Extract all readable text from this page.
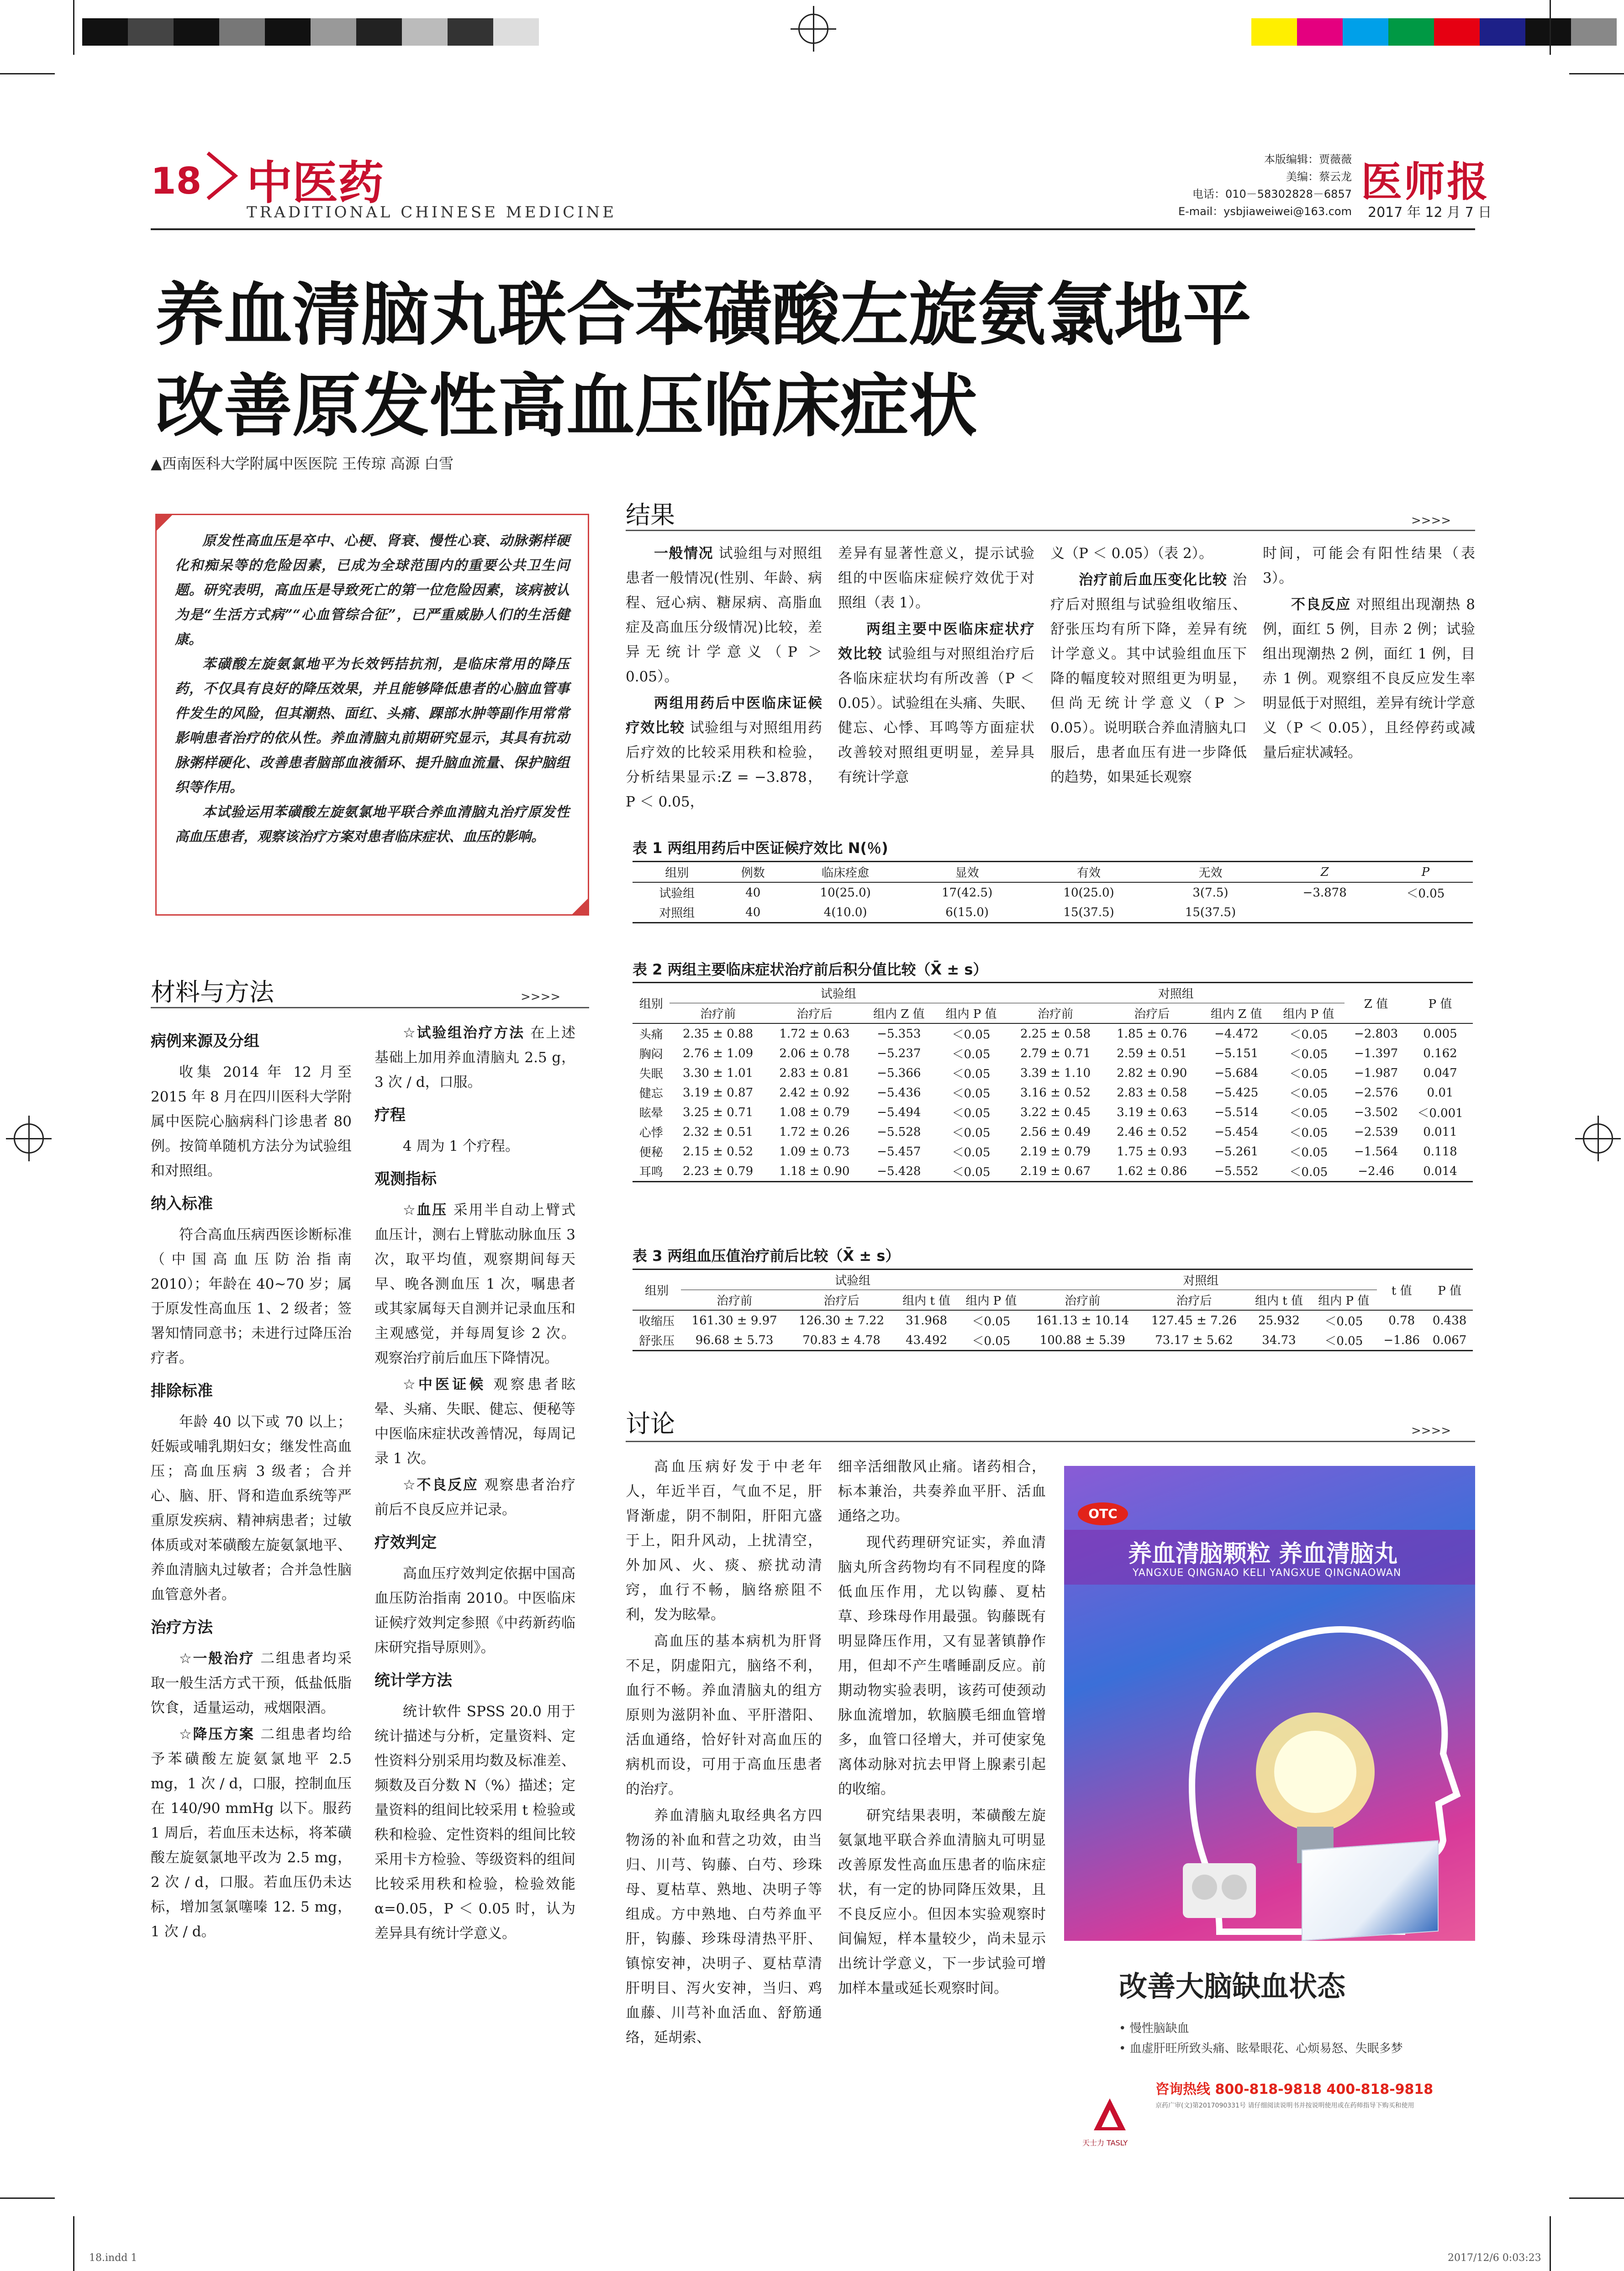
18 中医药
TRADITIONAL CHINESE MEDICINE
本版编辑：贾薇薇
美编：蔡云龙
电话：010－58302828－6857
E-mail：ysbjiaweiwei@163.com
医师报
2017 年 12 月 7 日
养血清脑丸联合苯磺酸左旋氨氯地平
改善原发性高血压临床症状
▲西南医科大学附属中医医院 王传琼 高源 白雪

原发性高血压是卒中、心梗、肾衰、慢性心衰、动脉粥样硬化和痴呆等的危险因素，已成为全球范围内的重要公共卫生问题。研究表明，高血压是导致死亡的第一位危险因素，该病被认为是“生活方式病”“心血管综合征”，已严重威胁人们的生活健康。

苯磺酸左旋氨氯地平为长效钙拮抗剂，是临床常用的降压药，不仅具有良好的降压效果，并且能够降低患者的心脑血管事件发生的风险，但其潮热、面红、头痛、踝部水肿等副作用常常影响患者治疗的依从性。养血清脑丸前期研究显示，其具有抗动脉粥样硬化、改善患者脑部血液循环、提升脑血流量、保护脑组织等作用。

本试验运用苯磺酸左旋氨氯地平联合养血清脑丸治疗原发性高血压患者，观察该治疗方案对患者临床症状、血压的影响。

结果	>>>>

一般情况 试验组与对照组患者一般情况(性别、年龄、病程、冠心病、糖尿病、高脂血症及高血压分级情况)比较，差异无统计学意义（P ＞ 0.05）。

两组用药后中医临床证候疗效比较 试验组与对照组用药后疗效的比较采用秩和检验，分析结果显示:Z = −3.878，P ＜ 0.05，

差异有显著性意义，提示试验组的中医临床症候疗效优于对照组（表 1）。

两组主要中医临床症状疗效比较 试验组与对照组治疗后各临床症状均有所改善（P ＜ 0.05）。试验组在头痛、失眠、健忘、心悸、耳鸣等方面症状改善较对照组更明显，差异具有统计学意

义（P ＜ 0.05）（表 2）。

治疗前后血压变化比较 治疗后对照组与试验组收缩压、舒张压均有所下降，差异有统计学意义。其中试验组血压下降的幅度较对照组更为明显，但尚无统计学意义（P ＞ 0.05）。说明联合养血清脑丸口服后，患者血压有进一步降低的趋势，如果延长观察

时间，可能会有阳性结果（表 3）。

不良反应 对照组出现潮热 8 例，面红 5 例，目赤 2 例；试验组出现潮热 2 例，面红 1 例，目赤 1 例。观察组不良反应发生率明显低于对照组，差异有统计学意义（P ＜ 0.05），且经停药或减量后症状减轻。

表 1 两组用药后中医证候疗效比 N(％)
组别	例数	临床痊愈	显效	有效	无效	Z	P
试验组	40	10(25.0)	17(42.5)	10(25.0)	3(7.5)	−3.878	＜0.05
对照组	40	4(10.0)	6(15.0)	15(37.5)	15(37.5)		
表 2 两组主要临床症状治疗前后积分值比较（X̄ ± s）
组别	试验组				对照组				Z 值	P 值
	治疗前	治疗后	组内 Z 值	组内 P 值	治疗前	治疗后	组内 Z 值	组内 P 值		
头痛	2.35 ± 0.88	1.72 ± 0.63	−5.353	＜0.05	2.25 ± 0.58	1.85 ± 0.76	−4.472	＜0.05	−2.803	0.005
胸闷	2.76 ± 1.09	2.06 ± 0.78	−5.237	＜0.05	2.79 ± 0.71	2.59 ± 0.51	−5.151	＜0.05	−1.397	0.162
失眠	3.30 ± 1.01	2.83 ± 0.81	−5.366	＜0.05	3.39 ± 1.10	2.82 ± 0.90	−5.684	＜0.05	−1.987	0.047
健忘	3.19 ± 0.87	2.42 ± 0.92	−5.436	＜0.05	3.16 ± 0.52	2.83 ± 0.58	−5.425	＜0.05	−2.576	0.01
眩晕	3.25 ± 0.71	1.08 ± 0.79	−5.494	＜0.05	3.22 ± 0.45	3.19 ± 0.63	−5.514	＜0.05	−3.502	＜0.001
心悸	2.32 ± 0.51	1.72 ± 0.26	−5.528	＜0.05	2.56 ± 0.49	2.46 ± 0.52	−5.454	＜0.05	−2.539	0.011
便秘	2.15 ± 0.52	1.09 ± 0.73	−5.457	＜0.05	2.19 ± 0.79	1.75 ± 0.93	−5.261	＜0.05	−1.564	0.118
耳鸣	2.23 ± 0.79	1.18 ± 0.90	−5.428	＜0.05	2.19 ± 0.67	1.62 ± 0.86	−5.552	＜0.05	−2.46	0.014
表 3 两组血压值治疗前后比较（X̄ ± s）
组别	试验组				对照组				t 值	P 值
	治疗前	治疗后	组内 t 值	组内 P 值	治疗前	治疗后	组内 t 值	组内 P 值		
收缩压	161.30 ± 9.97	126.30 ± 7.22	31.968	＜0.05	161.13 ± 10.14	127.45 ± 7.26	25.932	＜0.05	0.78	0.438
舒张压	96.68 ± 5.73	70.83 ± 4.78	43.492	＜0.05	100.88 ± 5.39	73.17 ± 5.62	34.73	＜0.05	−1.86	0.067
材料与方法	>>>>

病例来源及分组

收集 2014 年 12 月至 2015 年 8 月在四川医科大学附属中医院心脑病科门诊患者 80 例。按简单随机方法分为试验组和对照组。

纳入标准

符合高血压病西医诊断标准（中国高血压防治指南 2010）；年龄在 40~70 岁；属于原发性高血压 1、2 级者；签署知情同意书；未进行过降压治疗者。

排除标准

年龄 40 以下或 70 以上；妊娠或哺乳期妇女；继发性高血压；高血压病 3 级者；合并心、脑、肝、肾和造血系统等严重原发疾病、精神病患者；过敏体质或对苯磺酸左旋氨氯地平、养血清脑丸过敏者；合并急性脑血管意外者。

治疗方法

☆一般治疗 二组患者均采取一般生活方式干预，低盐低脂饮食，适量运动，戒烟限酒。

☆降压方案 二组患者均给予苯磺酸左旋氨氯地平 2.5 mg，1 次 / d，口服，控制血压在 140/90 mmHg 以下。服药 1 周后，若血压未达标，将苯磺酸左旋氨氯地平改为 2.5 mg，2 次 / d，口服。若血压仍未达标，增加氢氯噻嗪 12. 5 mg，1 次 / d。

☆试验组治疗方法 在上述基础上加用养血清脑丸 2.5 g，3 次 / d，口服。

疗程

4 周为 1 个疗程。

观测指标

☆血压 采用半自动上臂式血压计，测右上臂肱动脉血压 3 次，取平均值，观察期间每天早、晚各测血压 1 次，嘱患者或其家属每天自测并记录血压和主观感觉，并每周复诊 2 次。观察治疗前后血压下降情况。

☆中医证候 观察患者眩晕、头痛、失眠、健忘、便秘等中医临床症状改善情况，每周记录 1 次。

☆不良反应 观察患者治疗前后不良反应并记录。

疗效判定

高血压疗效判定依据中国高血压防治指南 2010。中医临床证候疗效判定参照《中药新药临床研究指导原则》。

统计学方法

统计软件 SPSS 20.0 用于统计描述与分析，定量资料、定性资料分别采用均数及标准差、频数及百分数 N（%）描述；定量资料的组间比较采用 t 检验或秩和检验、定性资料的组间比较采用卡方检验、等级资料的组间比较采用秩和检验，检验效能 α=0.05，P ＜ 0.05 时，认为差异具有统计学意义。

讨论	>>>>

高血压病好发于中老年人，年近半百，气血不足，肝肾渐虚，阴不制阳，肝阳亢盛于上，阳升风动，上扰清空，外加风、火、痰、瘀扰动清窍，血行不畅，脑络瘀阻不利，发为眩晕。

高血压的基本病机为肝肾不足，阴虚阳亢，脑络不利，血行不畅。养血清脑丸的组方原则为滋阴补血、平肝潜阳、活血通络，恰好针对高血压的病机而设，可用于高血压患者的治疗。

养血清脑丸取经典名方四物汤的补血和营之功效，由当归、川芎、钩藤、白芍、珍珠母、夏枯草、熟地、决明子等组成。方中熟地、白芍养血平肝，钩藤、珍珠母清热平肝、镇惊安神，决明子、夏枯草清肝明目、泻火安神，当归、鸡血藤、川芎补血活血、舒筋通络，延胡索、

细辛活细散风止痛。诸药相合，标本兼治，共奏养血平肝、活血通络之功。

现代药理研究证实，养血清脑丸所含药物均有不同程度的降低血压作用，尤以钩藤、夏枯草、珍珠母作用最强。钩藤既有明显降压作用，又有显著镇静作用，但却不产生嗜睡副反应。前期动物实验表明，该药可使颈动脉血流增加，软脑膜毛细血管增多，血管口径增大，并可使家兔离体动脉对抗去甲肾上腺素引起的收缩。

研究结果表明，苯磺酸左旋氨氯地平联合养血清脑丸可明显改善原发性高血压患者的临床症状，有一定的协同降压效果，且不良反应小。但因本实验观察时间偏短，样本量较少，尚未显示出统计学意义，下一步试验可增加样本量或延长观察时间。

OTC
养血清脑颗粒 养血清脑丸
YANGXUE QINGNAO KELI YANGXUE QINGNAOWAN
改善大脑缺血状态
• 慢性脑缺血
• 血虚肝旺所致头痛、眩晕眼花、心烦易怒、失眠多梦
咨询热线 800-818-9818 400-818-9818
京药广审(文)第2017090331号 请仔细阅读说明书并按说明使用或在药师指导下购买和使用
天士力 TASLY
18.indd 1	2017/12/6 0:03:23
